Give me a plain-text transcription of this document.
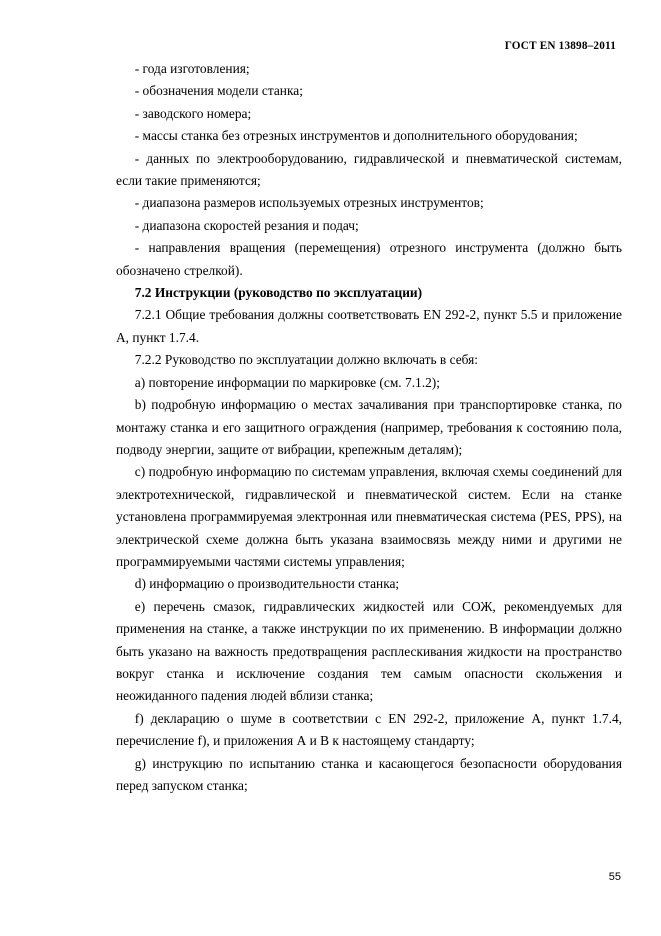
ГОСТ EN 13898–2011

- года изготовления;

- обозначения модели станка;

- заводского номера;

- массы станка без отрезных инструментов и дополнительного оборудования;

- данных по электрооборудованию, гидравлической и пневматической системам, если такие применяются;

- диапазона размеров используемых отрезных инструментов;

- диапазона скоростей резания и подач;

- направления вращения (перемещения) отрезного инструмента (должно быть обозначено стрелкой).

7.2 Инструкции (руководство по эксплуатации)

7.2.1 Общие требования должны соответствовать EN 292-2, пункт 5.5 и приложение А, пункт 1.7.4.

7.2.2 Руководство по эксплуатации должно включать в себя:

a) повторение информации по маркировке (см. 7.1.2);

b) подробную информацию о местах зачаливания при транспортировке станка, по монтажу станка и его защитного ограждения (например, требования к состоянию пола, подводу энергии, защите от вибрации, крепежным деталям);

c) подробную информацию по системам управления, включая схемы соединений для электротехнической, гидравлической и пневматической систем. Если на станке установлена программируемая электронная или пневматическая система (PES, PPS), на электрической схеме должна быть указана взаимосвязь между ними и другими не программируемыми частями системы управления;

d) информацию о производительности станка;

e) перечень смазок, гидравлических жидкостей или СОЖ, рекомендуемых для применения на станке, а также инструкции по их применению. В информации должно быть указано на важность предотвращения расплескивания жидкости на пространство вокруг станка и исключение создания тем самым опасности скольжения и неожиданного падения людей вблизи станка;

f) декларацию о шуме в соответствии с EN 292-2, приложение А, пункт 1.7.4, перечисление f), и приложения А и В к настоящему стандарту;

g) инструкцию по испытанию станка и касающегося безопасности оборудования перед запуском станка;

55
